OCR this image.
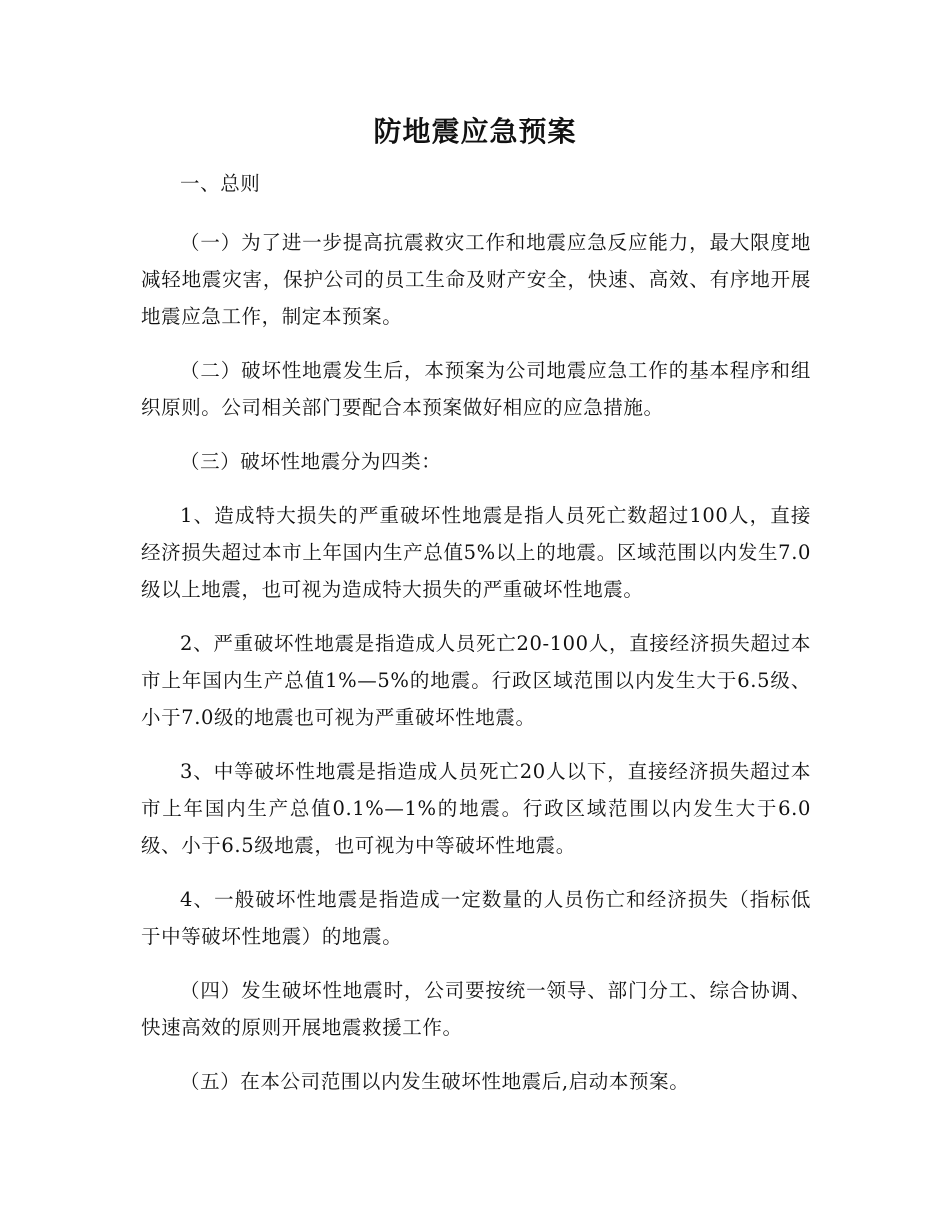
防地震应急预案

一、总则

（一）为了进一步提高抗震救灾工作和地震应急反应能力，最大限度地减轻地震灾害，保护公司的员工生命及财产安全，快速、高效、有序地开展地震应急工作，制定本预案。

（二）破坏性地震发生后，本预案为公司地震应急工作的基本程序和组织原则。公司相关部门要配合本预案做好相应的应急措施。

（三）破坏性地震分为四类：

1、造成特大损失的严重破坏性地震是指人员死亡数超过100人，直接经济损失超过本市上年国内生产总值5%以上的地震。区域范围以内发生7.0级以上地震，也可视为造成特大损失的严重破坏性地震。

2、严重破坏性地震是指造成人员死亡20-100人，直接经济损失超过本市上年国内生产总值1%—5%的地震。行政区域范围以内发生大于6.5级、小于7.0级的地震也可视为严重破坏性地震。

3、中等破坏性地震是指造成人员死亡20人以下，直接经济损失超过本市上年国内生产总值0.1%—1%的地震。行政区域范围以内发生大于6.0级、小于6.5级地震，也可视为中等破坏性地震。

4、一般破坏性地震是指造成一定数量的人员伤亡和经济损失（指标低于中等破坏性地震）的地震。

（四）发生破坏性地震时，公司要按统一领导、部门分工、综合协调、快速高效的原则开展地震救援工作。

（五）在本公司范围以内发生破坏性地震后,启动本预案。
